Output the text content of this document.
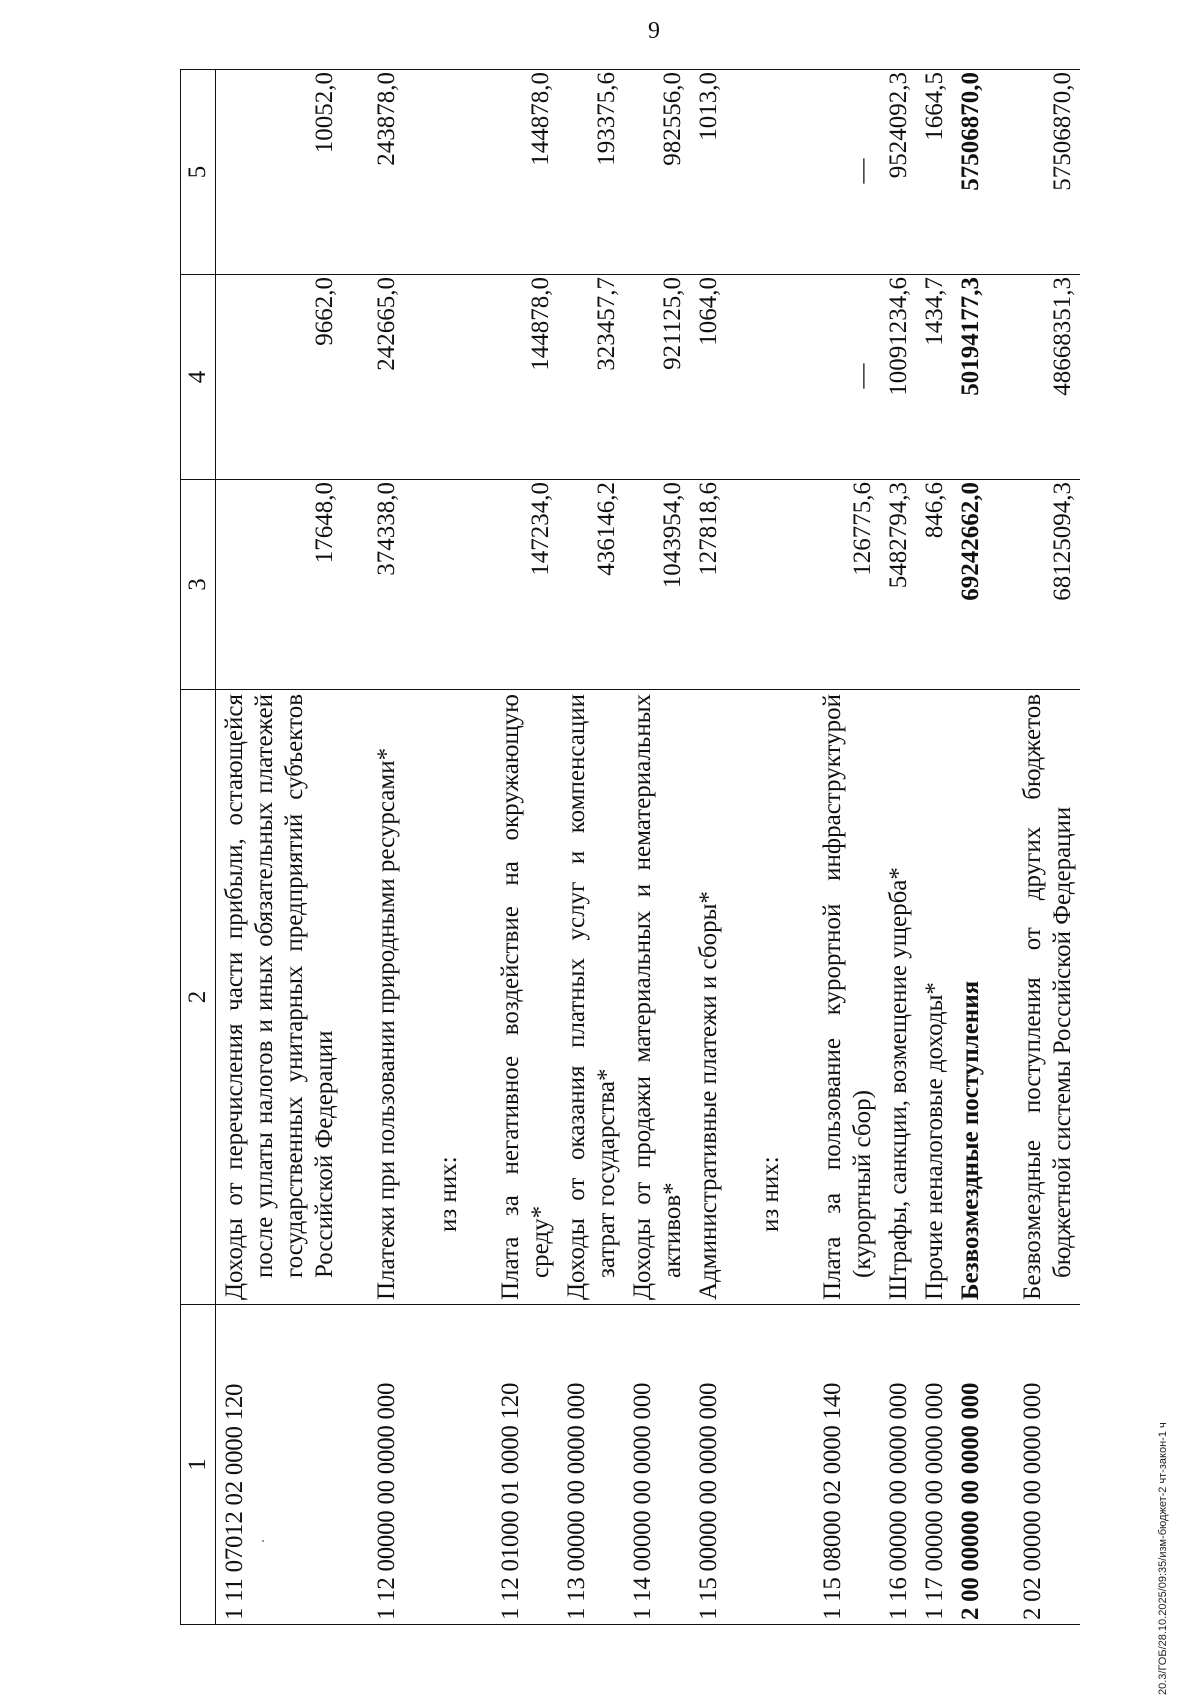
9
1	2	3	4	5
1 11 07012 02 0000 120	Доходы от перечисления части прибыли, остающейся после уплаты налогов и иных обязательных платежей государственных унитарных предприятий субъектов Российской Федерации	17648,0	9662,0	10052,0

1 12 00000 00 0000 000	Платежи при пользовании природными ресурсами*	374338,0	242665,0	243878,0

	из них:			

1 12 01000 01 0000 120	Плата за негативное воздействие на окружающую среду*	147234,0	144878,0	144878,0
1 13 00000 00 0000 000	Доходы от оказания платных услуг и компенсации затрат государства*	436146,2	323457,7	193375,6
1 14 00000 00 0000 000	Доходы от продажи материальных и нематериальных активов*	1043954,0	921125,0	982556,0
1 15 00000 00 0000 000	Административные платежи и сборы*	127818,6	1064,0	1013,0

	из них:			

1 15 08000 02 0000 140	Плата за пользование курортной инфраструктурой (курортный сбор)	126775,6	—	—
1 16 00000 00 0000 000	Штрафы, санкции, возмещение ущерба*	5482794,3	10091234,6	9524092,3
1 17 00000 00 0000 000	Прочие неналоговые доходы*	846,6	1434,7	1664,5
2 00 00000 00 0000 000	Безвозмездные поступления	69242662,0	50194177,3	57506870,0

2 02 00000 00 0000 000	Безвозмездные поступления от других бюджетов бюджетной системы Российской Федерации	68125094,3	48668351,3	57506870,0
20.3/ГОБ/28.10.2025/09:35/изм-бюджет-2 чт-закон-1 ч
